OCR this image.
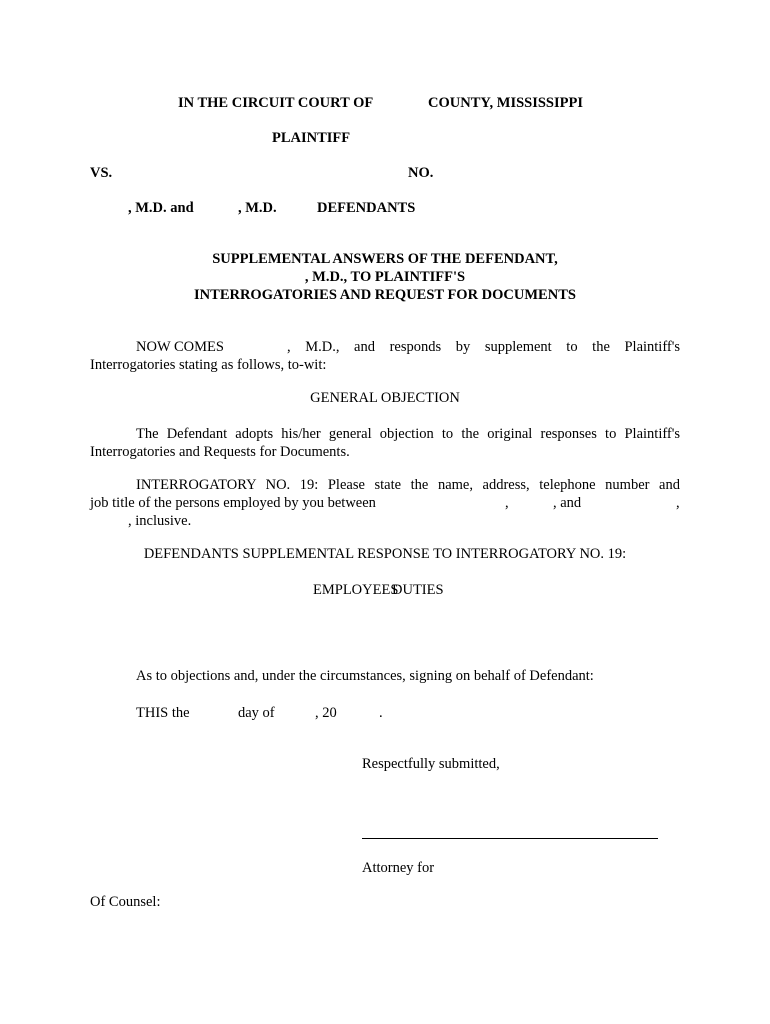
IN THE CIRCUIT COURT OF	COUNTY, MISSISSIPPI
PLAINTIFF
VS.	NO.
, M.D. and	, M.D.	DEFENDANTS
SUPPLEMENTAL ANSWERS OF THE DEFENDANT,
, M.D., TO PLAINTIFF'S
INTERROGATORIES AND REQUEST FOR DOCUMENTS
NOW COMES	, M.D., and responds by supplement to the Plaintiff's
Interrogatories stating as follows, to-wit:
GENERAL OBJECTION
The Defendant adopts his/her general objection to the original responses to Plaintiff's Interrogatories and Requests for Documents.
INTERROGATORY NO. 19: Please state the name, address, telephone number and
job title of the persons employed by you between	,	, and	,
, inclusive.
DEFENDANTS SUPPLEMENTAL RESPONSE TO INTERROGATORY NO. 19:
EMPLOYEES
DUTIES
As to objections and, under the circumstances, signing on behalf of Defendant:
THIS the	day of	, 20	.
Respectfully submitted,
Attorney for
Of Counsel:
